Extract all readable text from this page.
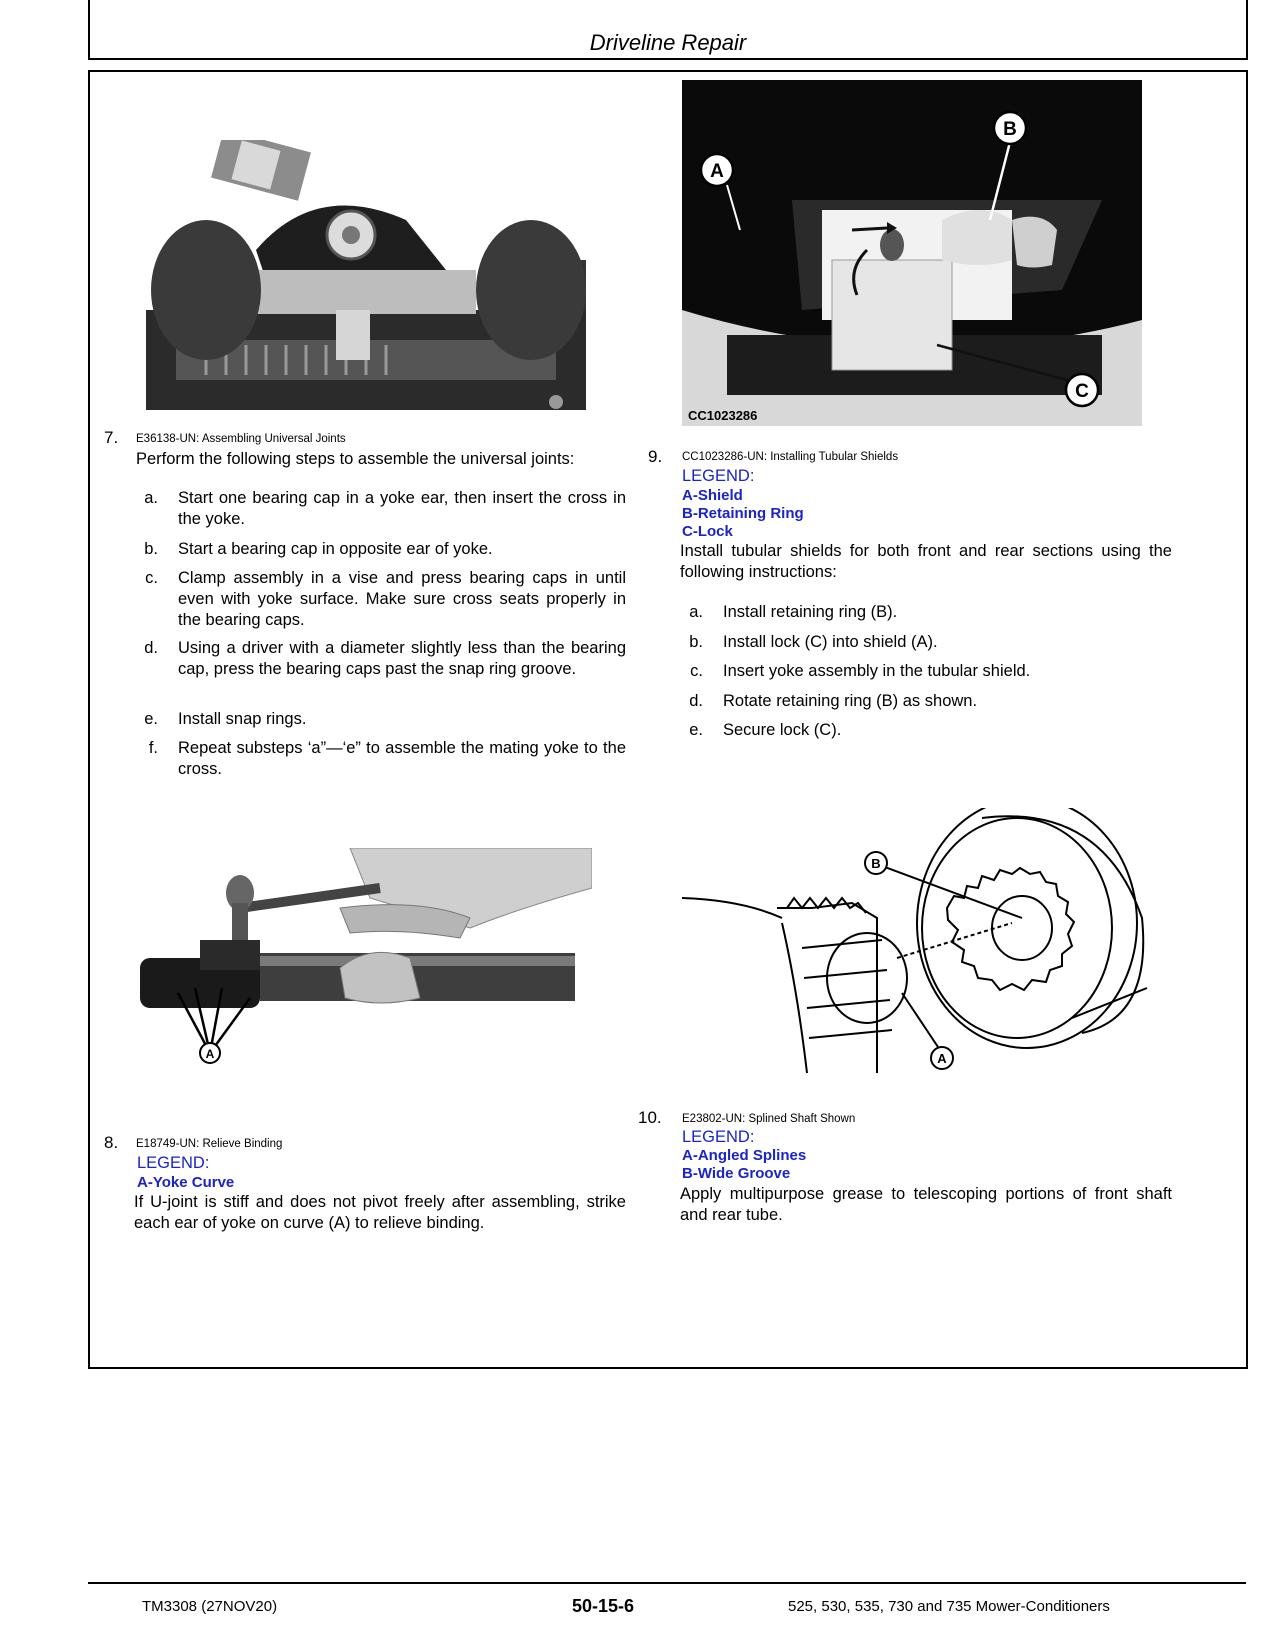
Driveline Repair
7. E36138-UN: Assembling Universal Joints
Perform the following steps to assemble the universal joints:
a. Start one bearing cap in a yoke ear, then insert the cross in the yoke.
b. Start a bearing cap in opposite ear of yoke.
c. Clamp assembly in a vise and press bearing caps in until even with yoke surface. Make sure cross seats properly in the bearing caps.
d. Using a driver with a diameter slightly less than the bearing cap, press the bearing caps past the snap ring groove.
e. Install snap rings.
f. Repeat substeps ‘a”—‘e” to assemble the mating yoke to the cross.
A
8. E18749-UN: Relieve Binding
LEGEND:
A-Yoke Curve
If U-joint is stiff and does not pivot freely after assembling, strike each ear of yoke on curve (A) to relieve binding.
A
B
C
CC1023286
9. CC1023286-UN: Installing Tubular Shields
LEGEND:
A-Shield
B-Retaining Ring
C-Lock
Install tubular shields for both front and rear sections using the following instructions:
a. Install retaining ring (B).
b. Install lock (C) into shield (A).
c. Insert yoke assembly in the tubular shield.
d. Rotate retaining ring (B) as shown.
e. Secure lock (C).
B
A
10. E23802-UN: Splined Shaft Shown
LEGEND:
A-Angled Splines
B-Wide Groove
Apply multipurpose grease to telescoping portions of front shaft and rear tube.
TM3308 (27NOV20)	50-15-6	525, 530, 535, 730 and 735 Mower-Conditioners
